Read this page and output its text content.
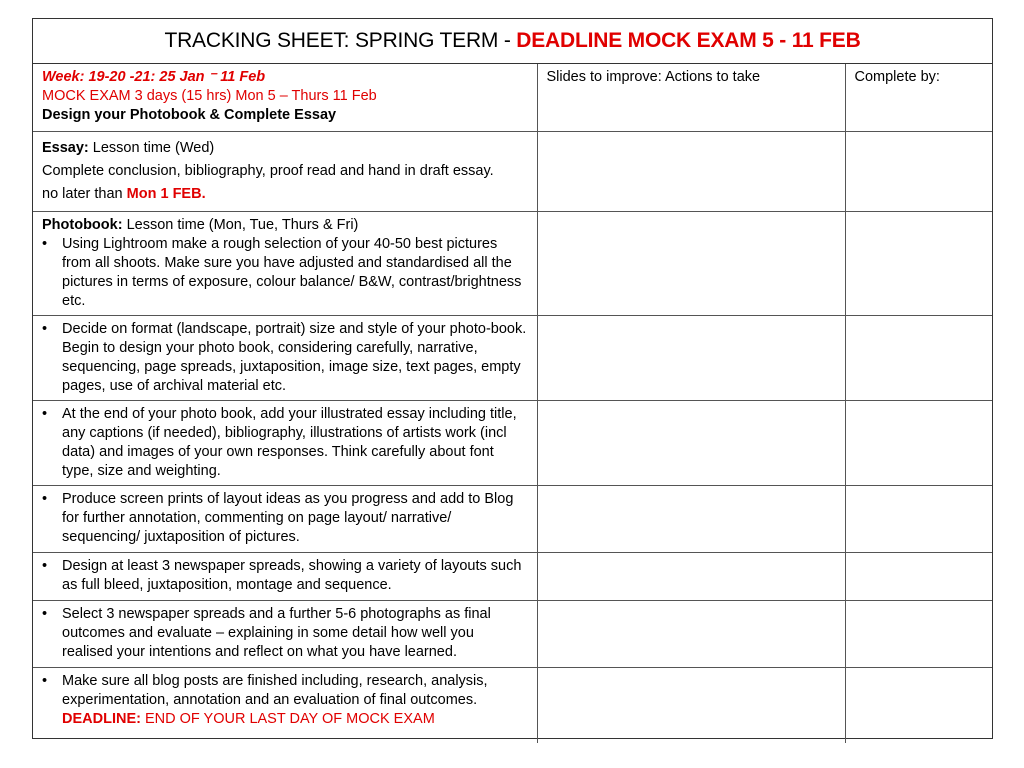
TRACKING SHEET: SPRING TERM - DEADLINE MOCK EXAM 5 - 11 FEB
Week: 19-20 -21: 25 Jan ⁻ 11 Feb
MOCK EXAM 3 days (15 hrs) Mon 5 – Thurs 11 Feb
Design your Photobook & Complete Essay	Slides to improve: Actions to take	Complete by:

Essay: Lesson time (Wed)
Complete conclusion, bibliography, proof read and hand in draft essay.
no later than Mon 1 FEB.		

Photobook: Lesson time (Mon, Tue, Thurs & Fri)
• Using Lightroom make a rough selection of your 40-50 best pictures from all shoots. Make sure you have adjusted and standardised all the pictures in terms of exposure, colour balance/ B&W, contrast/brightness etc.		

• Decide on format (landscape, portrait) size and style of your photo-book. Begin to design your photo book, considering carefully, narrative, sequencing, page spreads, juxtaposition, image size, text pages, empty pages, use of archival material etc.		

• At the end of your photo book, add your illustrated essay including title, any captions (if needed), bibliography, illustrations of artists work (incl data) and images of your own responses. Think carefully about font type, size and weighting.		

• Produce screen prints of layout ideas as you progress and add to Blog for further annotation, commenting on page layout/ narrative/ sequencing/ juxtaposition of pictures.		

• Design at least 3 newspaper spreads, showing a variety of layouts such as full bleed, juxtaposition, montage and sequence.		

• Select 3 newspaper spreads and a further 5-6 photographs as final outcomes and evaluate – explaining in some detail how well you realised your intentions and reflect on what you have learned.		

• Make sure all blog posts are finished including, research, analysis, experimentation, annotation and an evaluation of final outcomes.
DEADLINE: END OF YOUR LAST DAY OF MOCK EXAM		
